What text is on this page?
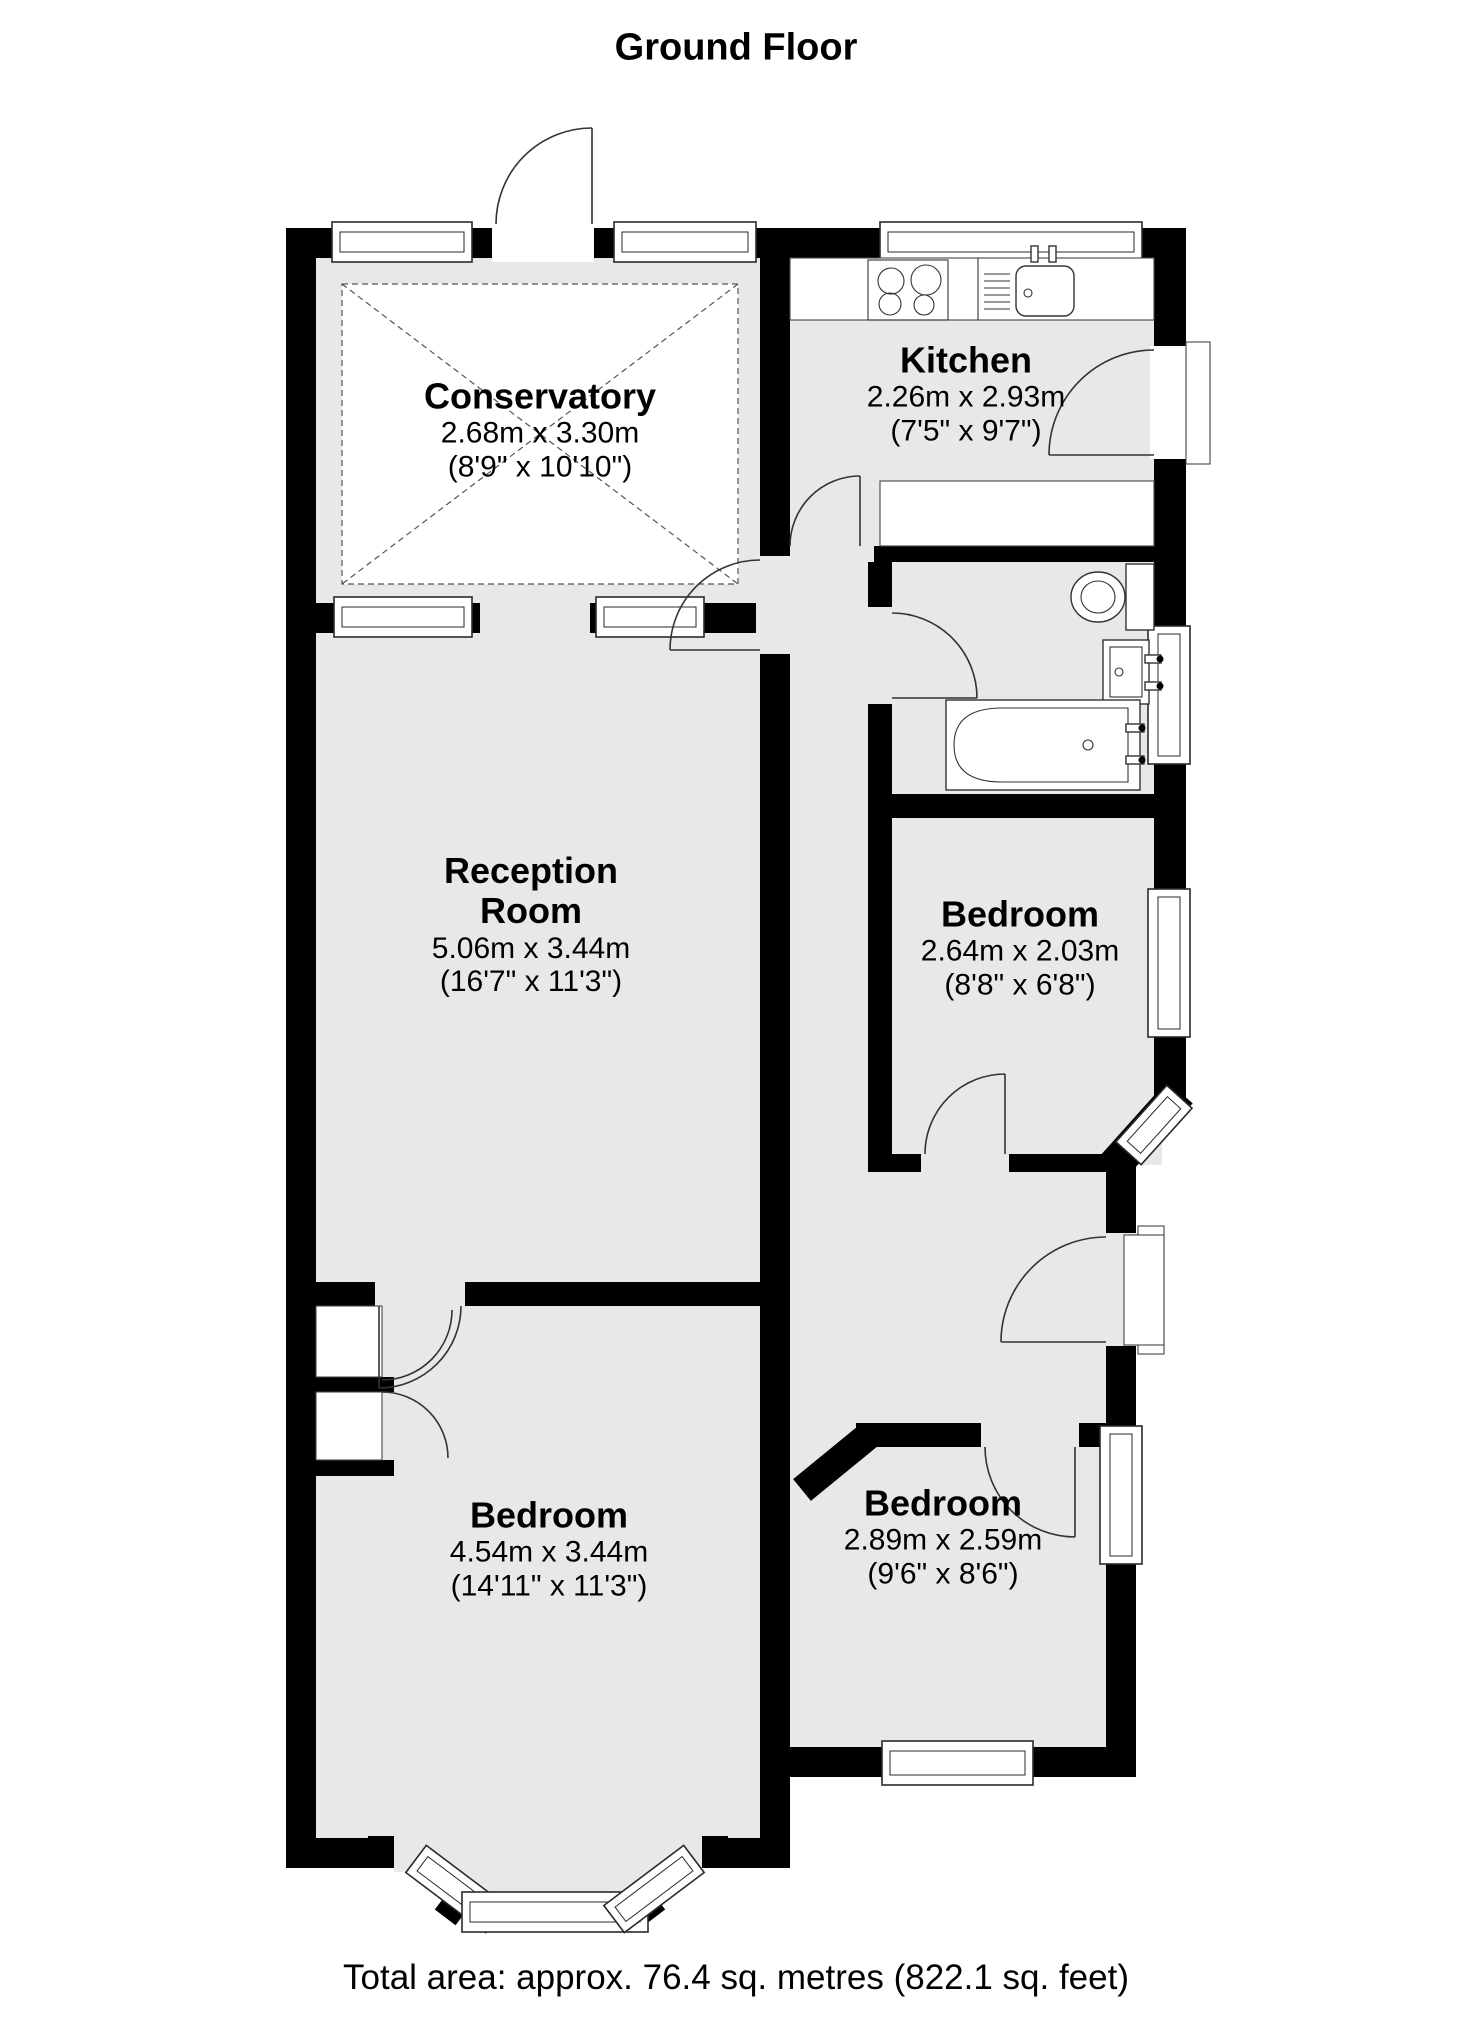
Ground Floor
Conservatory
2.68m x 3.30m
(8'9" x 10'10")
Kitchen
2.26m x 2.93m
(7'5" x 9'7")
Reception Room
5.06m x 3.44m
(16'7" x 11'3")
Bedroom
2.64m x 2.03m
(8'8" x 6'8")
Bedroom
4.54m x 3.44m
(14'11" x 11'3")
Bedroom
2.89m x 2.59m
(9'6" x 8'6")
Total area: approx. 76.4 sq. metres (822.1 sq. feet)
